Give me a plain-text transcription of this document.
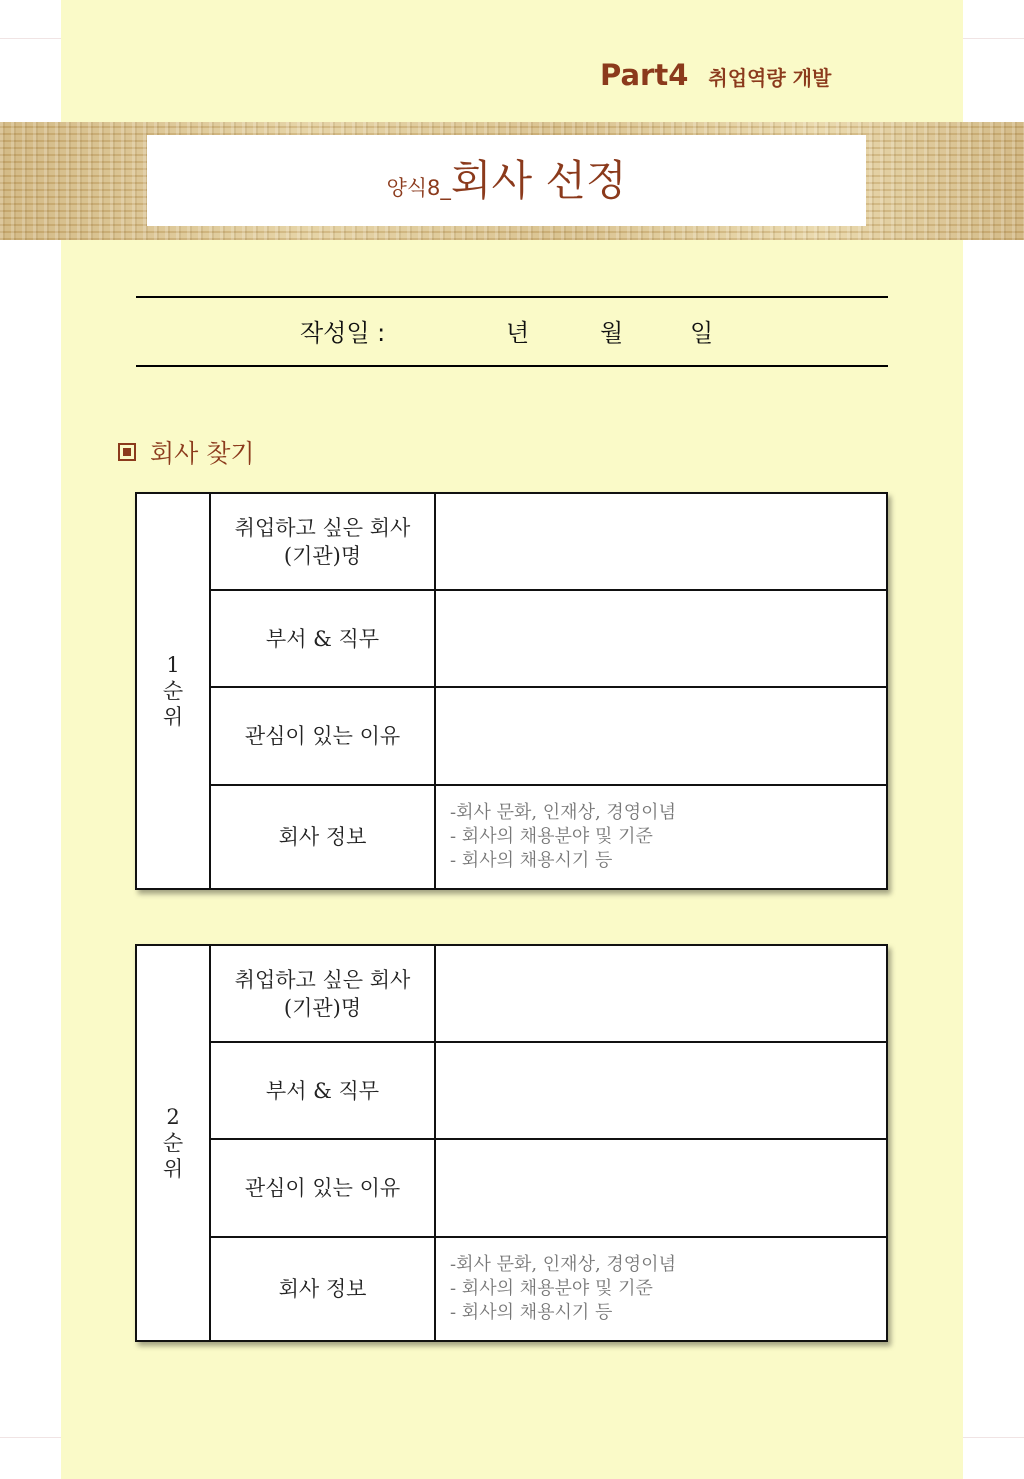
Part4 취업역량 개발
양식8_회사 선정
작성일 :	년	월	일
회사 찾기
1
순
위	취업하고 싶은 회사(기관)명	
	부서 & 직무	
	관심이 있는 이유	
	회사 정보	-회사 문화, 인재상, 경영이념
- 회사의 채용분야 및 기준
- 회사의 채용시기 등
2
순
위	취업하고 싶은 회사(기관)명	
	부서 & 직무	
	관심이 있는 이유	
	회사 정보	-회사 문화, 인재상, 경영이념
- 회사의 채용분야 및 기준
- 회사의 채용시기 등
